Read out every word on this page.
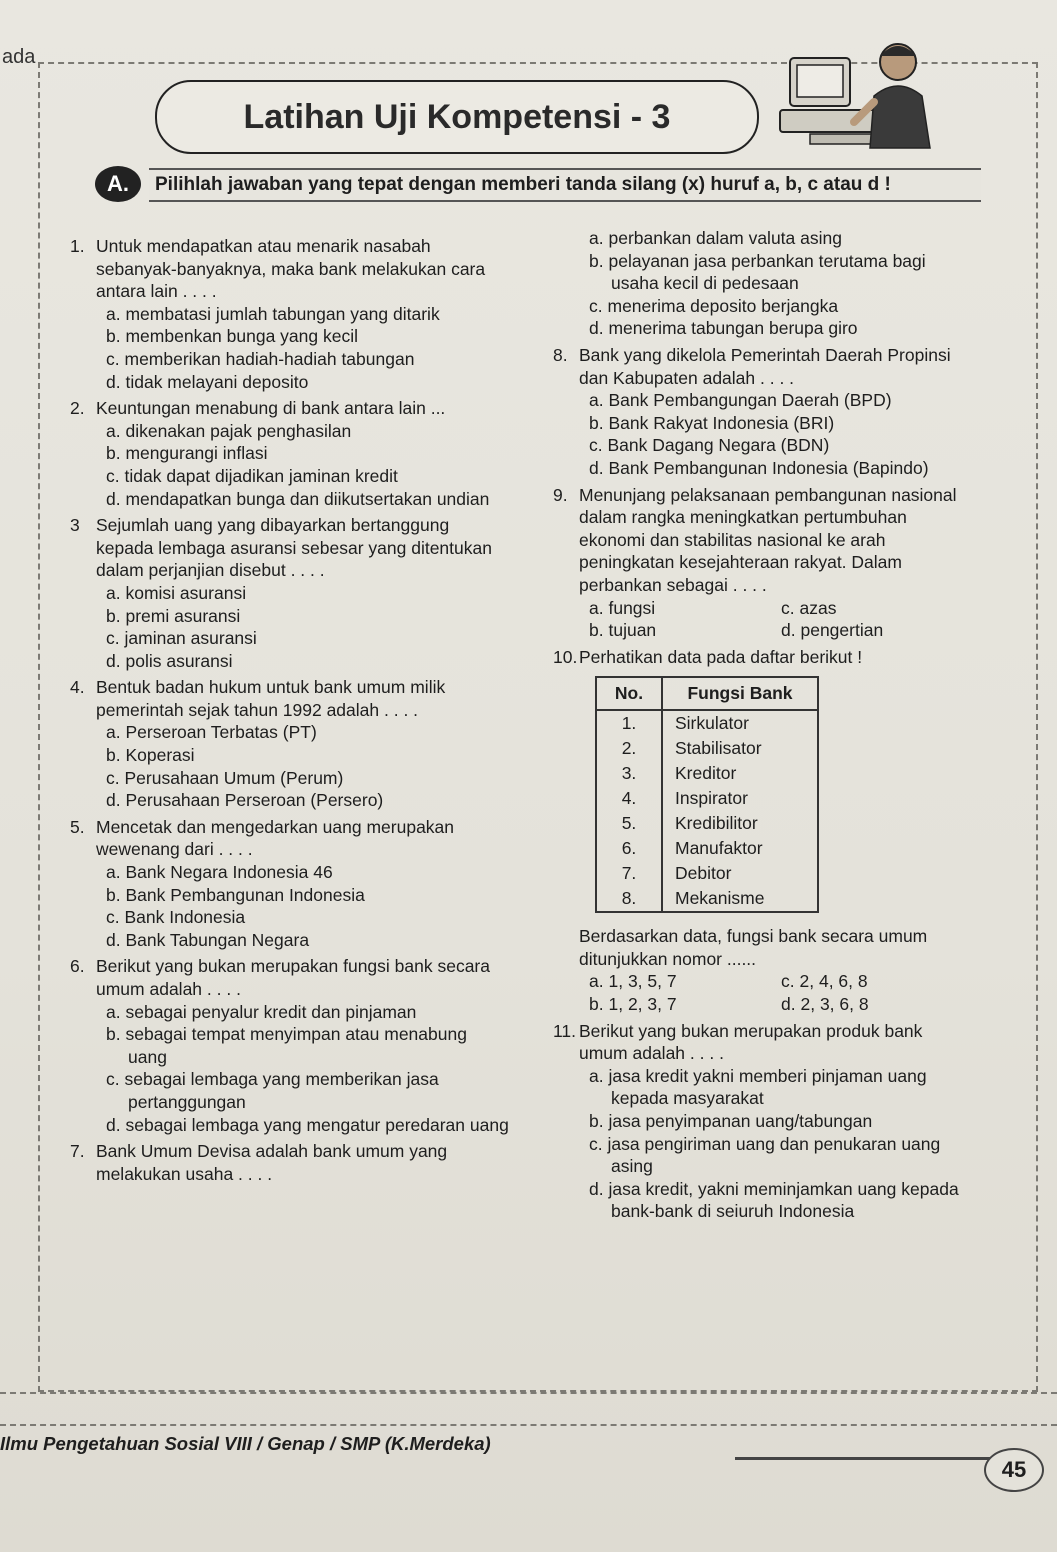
ada
Latihan Uji Kompetensi - 3
A.	Pilihlah jawaban yang tepat dengan memberi tanda silang (x) huruf a, b, c atau d !
1. Untuk mendapatkan atau menarik nasabah sebanyak-banyaknya, maka bank melakukan cara antara lain . . . .
a. membatasi jumlah tabungan yang ditarik
b. membenkan bunga yang kecil
c. memberikan hadiah-hadiah tabungan
d. tidak melayani deposito
2. Keuntungan menabung di bank antara lain ...
a. dikenakan pajak penghasilan
b. mengurangi inflasi
c. tidak dapat dijadikan jaminan kredit
d. mendapatkan bunga dan diikutsertakan undian
3 Sejumlah uang yang dibayarkan bertanggung kepada lembaga asuransi sebesar yang ditentukan dalam perjanjian disebut . . . .
a. komisi asuransi
b. premi asuransi
c. jaminan asuransi
d. polis asuransi
4. Bentuk badan hukum untuk bank umum milik pemerintah sejak tahun 1992 adalah . . . .
a. Perseroan Terbatas (PT)
b. Koperasi
c. Perusahaan Umum (Perum)
d. Perusahaan Perseroan (Persero)
5. Mencetak dan mengedarkan uang merupakan wewenang dari . . . .
a. Bank Negara Indonesia 46
b. Bank Pembangunan Indonesia
c. Bank Indonesia
d. Bank Tabungan Negara
6. Berikut yang bukan merupakan fungsi bank secara umum adalah . . . .
a. sebagai penyalur kredit dan pinjaman
b. sebagai tempat menyimpan atau menabung uang
c. sebagai lembaga yang memberikan jasa pertanggungan
d. sebagai lembaga yang mengatur peredaran uang
7. Bank Umum Devisa adalah bank umum yang melakukan usaha . . . .
a. perbankan dalam valuta asing
b. pelayanan jasa perbankan terutama bagi usaha kecil di pedesaan
c. menerima deposito berjangka
d. menerima tabungan berupa giro
8. Bank yang dikelola Pemerintah Daerah Propinsi dan Kabupaten adalah . . . .
a. Bank Pembangungan Daerah (BPD)
b. Bank Rakyat Indonesia (BRI)
c. Bank Dagang Negara (BDN)
d. Bank Pembangunan Indonesia (Bapindo)
9. Menunjang pelaksanaan pembangunan nasional dalam rangka meningkatkan pertumbuhan ekonomi dan stabilitas nasional ke arah peningkatan kesejahteraan rakyat. Dalam perbankan sebagai . . . .
a. fungsi	c. azas
b. tujuan	d. pengertian
10. Perhatikan data pada daftar berikut !
No.	Fungsi Bank
1.	Sirkulator
2.	Stabilisator
3.	Kreditor
4.	Inspirator
5.	Kredibilitor
6.	Manufaktor
7.	Debitor
8.	Mekanisme
Berdasarkan data, fungsi bank secara umum ditunjukkan nomor ......
a. 1, 3, 5, 7	c. 2, 4, 6, 8
b. 1, 2, 3, 7	d. 2, 3, 6, 8
11. Berikut yang bukan merupakan produk bank umum adalah . . . .
a. jasa kredit yakni memberi pinjaman uang kepada masyarakat
b. jasa penyimpanan uang/tabungan
c. jasa pengiriman uang dan penukaran uang asing
d. jasa kredit, yakni meminjamkan uang kepada bank-bank di seiuruh Indonesia
Ilmu Pengetahuan Sosial VIII / Genap / SMP (K.Merdeka)
45
